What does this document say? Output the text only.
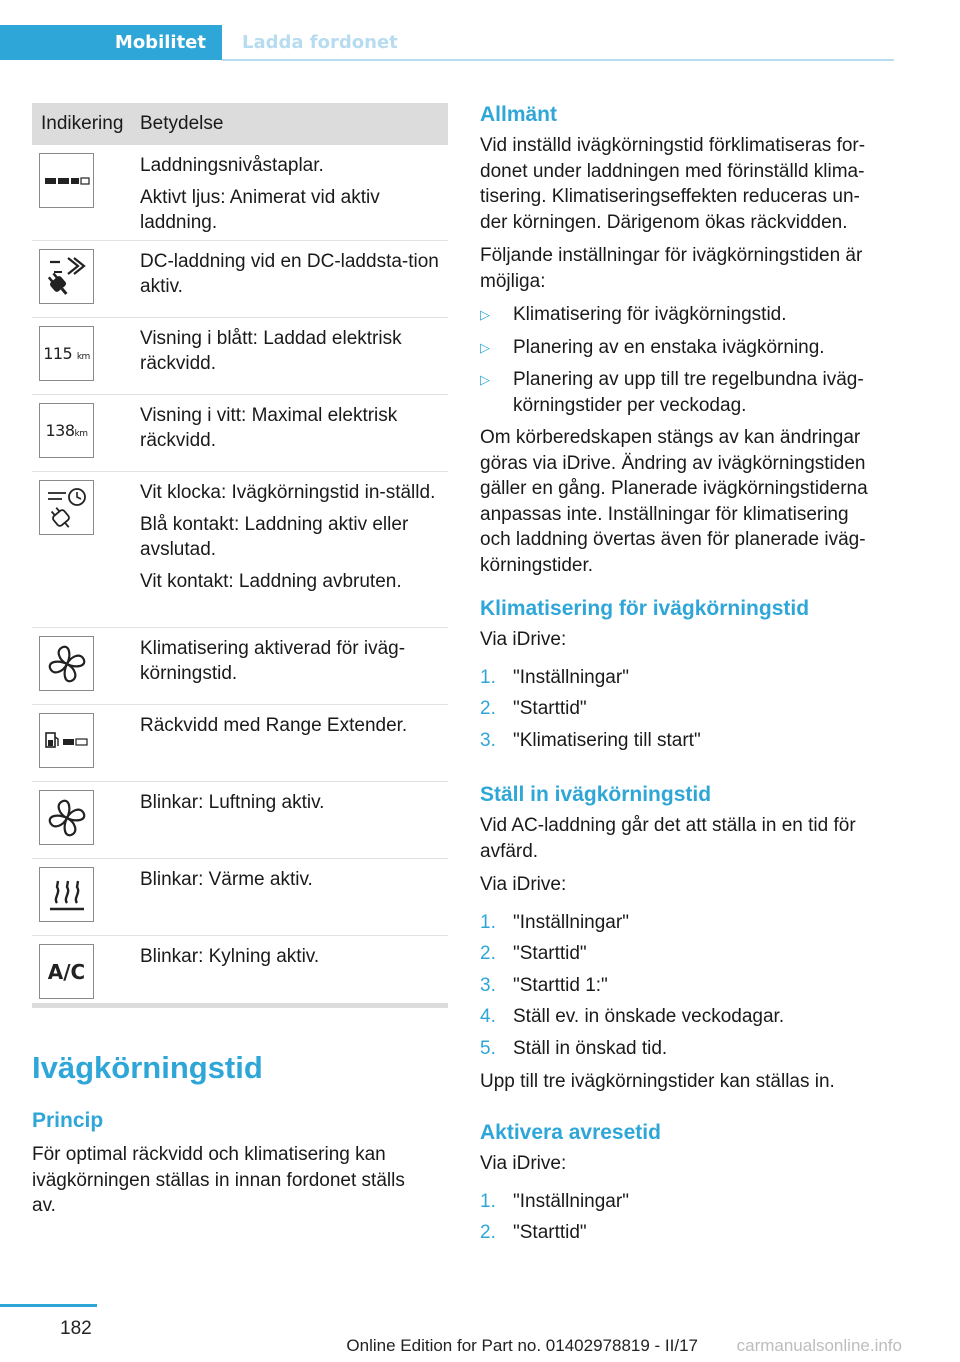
Mobilitet Ladda fordonet
Indikering Betydelse

Laddningsnivåstaplar.

Aktivt ljus: Animerat vid aktiv laddning.

DC-laddning vid en DC-laddsta-tion aktiv.

115 km

Visning i blått: Laddad elektrisk räckvidd.

138km

Visning i vitt: Maximal elektrisk räckvidd.

Vit klocka: Ivägkörningstid in-ställd.

Blå kontakt: Laddning aktiv eller avslutad.

Vit kontakt: Laddning avbruten.

Klimatisering aktiverad för iväg-körningstid.

Räckvidd med Range Extender.

Blinkar: Luftning aktiv.

Blinkar: Värme aktiv.

A/C

Blinkar: Kylning aktiv.

Ivägkörningstid
Princip
För optimal räckvidd och klimatisering kan ivägkörningen ställas in innan fordonet ställs av.
Allmänt
Vid inställd ivägkörningstid förklimatiseras for-donet under laddningen med förinställd klima-tisering. Klimatiseringseffekten reduceras un-der körningen. Därigenom ökas räckvidden.
Följande inställningar för ivägkörningstiden är möjliga:
▷ Klimatisering för ivägkörningstid.
▷ Planering av en enstaka ivägkörning.
▷ Planering av upp till tre regelbundna iväg-körningstider per veckodag.
Om körberedskapen stängs av kan ändringar göras via iDrive. Ändring av ivägkörningstiden gäller en gång. Planerade ivägkörningstiderna anpassas inte. Inställningar för klimatisering och laddning övertas även för planerade iväg-körningstider.
Klimatisering för ivägkörningstid
Via iDrive:
1. "Inställningar"
2. "Starttid"
3. "Klimatisering till start"
Ställ in ivägkörningstid
Vid AC-laddning går det att ställa in en tid för avfärd.
Via iDrive:
1. "Inställningar"
2. "Starttid"
3. "Starttid 1:"
4. Ställ ev. in önskade veckodagar.
5. Ställ in önskad tid.
Upp till tre ivägkörningstider kan ställas in.
Aktivera avresetid
Via iDrive:
1. "Inställningar"
2. "Starttid"
182
Online Edition for Part no. 01402978819 - II/17 carmanualsonline.info
